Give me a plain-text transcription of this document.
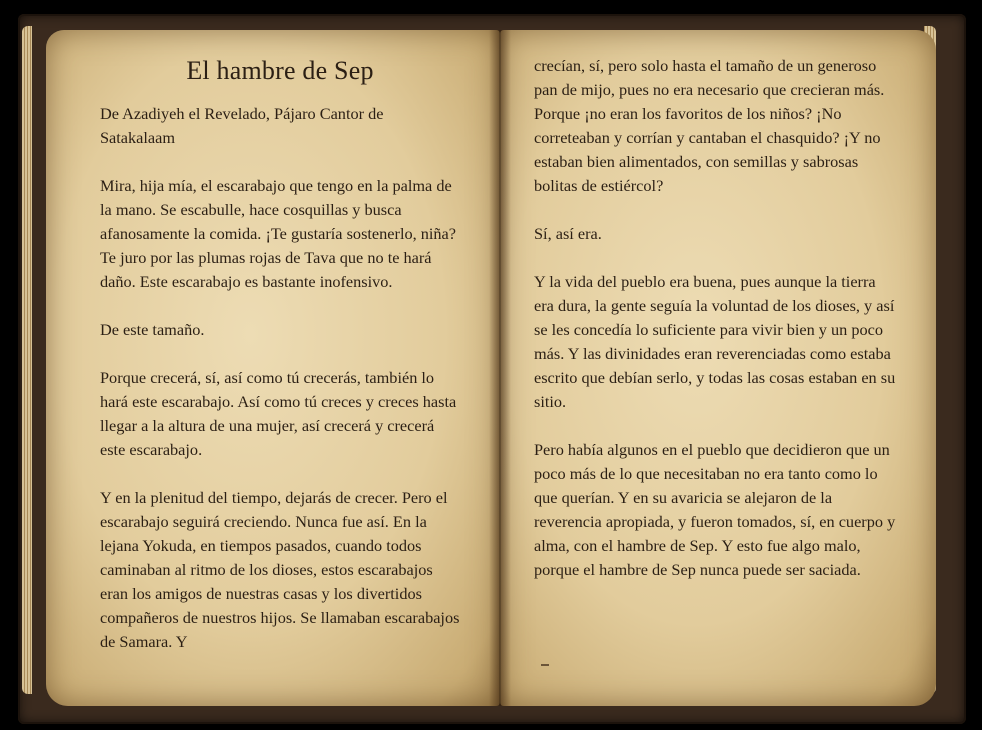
El hambre de Sep

De Azadiyeh el Revelado, Pájaro Cantor de Satakalaam

Mira, hija mía, el escarabajo que tengo en la palma de la mano. Se escabulle, hace cosquillas y busca afanosamente la comida. ¡Te gustaría sostenerlo, niña? Te juro por las plumas rojas de Tava que no te hará daño. Este escarabajo es bastante inofensivo.

De este tamaño.

Porque crecerá, sí, así como tú crecerás, también lo hará este escarabajo. Así como tú creces y creces hasta llegar a la altura de una mujer, así crecerá y crecerá este escarabajo.

Y en la plenitud del tiempo, dejarás de crecer. Pero el escarabajo seguirá creciendo. Nunca fue así. En la lejana Yokuda, en tiempos pasados, cuando todos caminaban al ritmo de los dioses, estos escarabajos eran los amigos de nuestras casas y los divertidos compañeros de nuestros hijos. Se llamaban escarabajos de Samara. Y

crecían, sí, pero solo hasta el tamaño de un generoso pan de mijo, pues no era necesario que crecieran más. Porque ¡no eran los favoritos de los niños? ¡No correteaban y corrían y cantaban el chasquido? ¡Y no estaban bien alimentados, con semillas y sabrosas bolitas de estiércol?

Sí, así era.

Y la vida del pueblo era buena, pues aunque la tierra era dura, la gente seguía la voluntad de los dioses, y así se les concedía lo suficiente para vivir bien y un poco más. Y las divinidades eran reverenciadas como estaba escrito que debían serlo, y todas las cosas estaban en su sitio.

Pero había algunos en el pueblo que decidieron que un poco más de lo que necesitaban no era tanto como lo que querían. Y en su avaricia se alejaron de la reverencia apropiada, y fueron tomados, sí, en cuerpo y alma, con el hambre de Sep. Y esto fue algo malo, porque el hambre de Sep nunca puede ser saciada.
